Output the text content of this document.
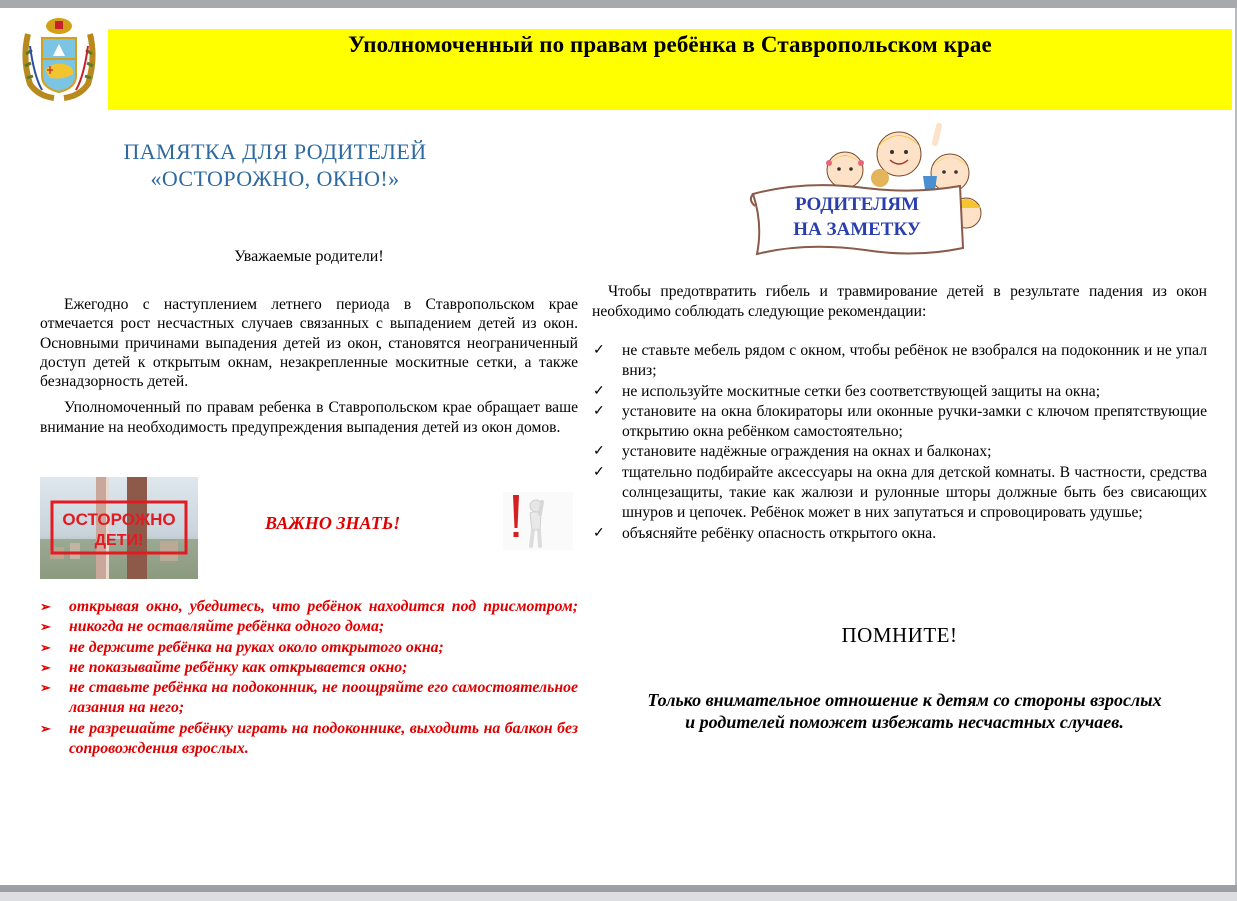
Уполномоченный по правам ребёнка в Ставропольском крае
ПАМЯТКА ДЛЯ РОДИТЕЛЕЙ
«ОСТОРОЖНО, ОКНО!»
Уважаемые родители!

Ежегодно с наступлением летнего периода в Ставропольском крае отмечается рост несчастных случаев связанных с выпадением детей из окон. Основными причинами выпадения детей из окон, становятся неограниченный доступ детей к открытым окнам, незакрепленные москитные сетки, а также безнадзорность детей.

Уполномоченный по правам ребенка в Ставропольском крае обращает ваше внимание на необходимость предупреждения выпадения детей из окон домов.

ОСТОРОЖНО
ДЕТИ!
ВАЖНО ЗНАТЬ!
➢ открывая окно, убедитесь, что ребёнок находится под присмотром;
➢ никогда не оставляйте ребёнка одного дома;
➢ не держите ребёнка на руках около открытого окна;
➢ не показывайте ребёнку как открывается окно;
➢ не ставьте ребёнка на подоконник, не поощряйте его самостоятельное лазания на него;
➢ не разрешайте ребёнку играть на подоконнике, выходить на балкон без сопровождения взрослых.
РОДИТЕЛЯМ
НА ЗАМЕТКУ

Чтобы предотвратить гибель и травмирование детей в результате падения из окон необходимо соблюдать следующие рекомендации:

✓ не ставьте мебель рядом с окном, чтобы ребёнок не взобрался на подоконник и не упал вниз;
✓ не используйте москитные сетки без соответствующей защиты на окна;
✓ установите на окна блокираторы или оконные ручки-замки с ключом препятствующие открытию окна ребёнком самостоятельно;
✓ установите надёжные ограждения на окнах и балконах;
✓ тщательно подбирайте аксессуары на окна для детской комнаты. В частности, средства солнцезащиты, такие как жалюзи и рулонные шторы должные быть без свисающих шнуров и цепочек. Ребёнок может в них запутаться и спровоцировать удушье;
✓ объясняйте ребёнку опасность открытого окна.
ПОМНИТЕ!
Только внимательное отношение к детям со стороны взрослых
и родителей поможет избежать несчастных случаев.
